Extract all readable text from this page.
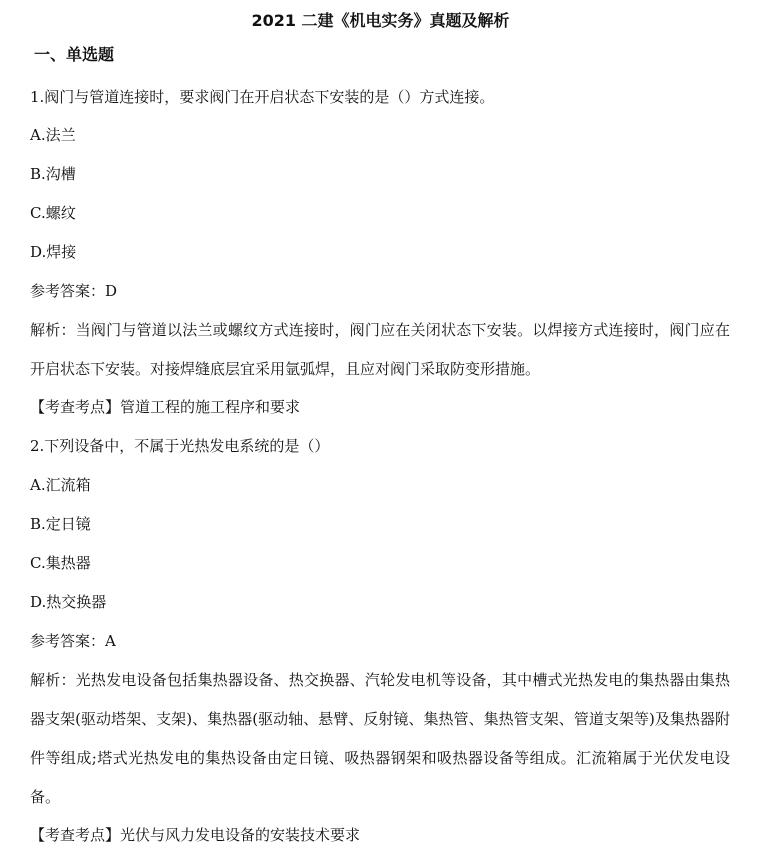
2021 二建《机电实务》真题及解析
一、单选题
1.阀门与管道连接时，要求阀门在开启状态下安装的是（）方式连接。
A.法兰
B.沟槽
C.螺纹
D.焊接
参考答案：D
解析：当阀门与管道以法兰或螺纹方式连接时，阀门应在关闭状态下安装。以焊接方式连接时，阀门应在开启状态下安装。对接焊缝底层宜采用氩弧焊，且应对阀门采取防变形措施。
【考查考点】管道工程的施工程序和要求
2.下列设备中，不属于光热发电系统的是（）
A.汇流箱
B.定日镜
C.集热器
D.热交换器
参考答案：A
解析：光热发电设备包括集热器设备、热交换器、汽轮发电机等设备，其中槽式光热发电的集热器由集热器支架(驱动塔架、支架)、集热器(驱动轴、悬臂、反射镜、集热管、集热管支架、管道支架等)及集热器附件等组成;塔式光热发电的集热设备由定日镜、吸热器钢架和吸热器设备等组成。汇流箱属于光伏发电设备。
【考查考点】光伏与风力发电设备的安装技术要求
